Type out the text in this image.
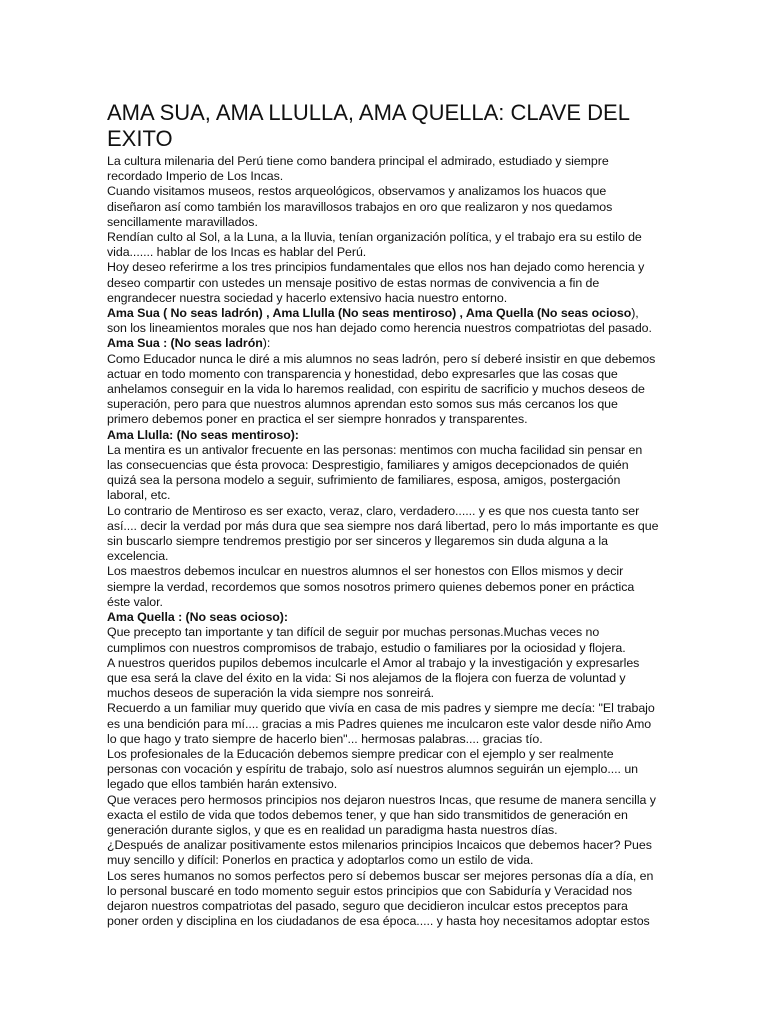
AMA SUA, AMA LLULLA, AMA QUELLA: CLAVE DEL EXITO

La cultura milenaria del Perú tiene como bandera principal el admirado, estudiado y siempre recordado Imperio de Los Incas.

Cuando visitamos museos, restos arqueológicos, observamos y analizamos los huacos que diseñaron así como también los maravillosos trabajos en oro que realizaron y nos quedamos sencillamente maravillados.

Rendían culto al Sol, a la Luna, a la lluvia, tenían organización política, y el trabajo era su estilo de vida....... hablar de los Incas es hablar del Perú.

Hoy deseo referirme a los tres principios fundamentales que ellos nos han dejado como herencia y deseo compartir con ustedes un mensaje positivo de estas normas de convivencia a fin de engrandecer nuestra sociedad y hacerlo extensivo hacia nuestro entorno.

Ama Sua ( No seas ladrón) , Ama Llulla (No seas mentiroso) , Ama Quella (No seas ocioso), son los lineamientos morales que nos han dejado como herencia nuestros compatriotas del pasado.

Ama Sua : (No seas ladrón):

Como Educador nunca le diré a mis alumnos no seas ladrón, pero sí deberé insistir en que debemos actuar en todo momento con transparencia y honestidad, debo expresarles que las cosas que anhelamos conseguir en la vida lo haremos realidad, con espiritu de sacrificio y muchos deseos de superación, pero para que nuestros alumnos aprendan esto somos sus más cercanos los que primero debemos poner en practica el ser siempre honrados y transparentes.

Ama Llulla: (No seas mentiroso):

La mentira es un antivalor frecuente en las personas: mentimos con mucha facilidad sin pensar en las consecuencias que ésta provoca: Desprestigio, familiares y amigos decepcionados de quién quizá sea la persona modelo a seguir, sufrimiento de familiares, esposa, amigos, postergación laboral, etc.

Lo contrario de Mentiroso es ser exacto, veraz, claro, verdadero...... y es que nos cuesta tanto ser así.... decir la verdad por más dura que sea siempre nos dará libertad, pero lo más importante es que sin buscarlo siempre tendremos prestigio por ser sinceros y llegaremos sin duda alguna a la excelencia.

Los maestros debemos inculcar en nuestros alumnos el ser honestos con Ellos mismos y decir siempre la verdad, recordemos que somos nosotros primero quienes debemos poner en práctica éste valor.

Ama Quella : (No seas ocioso):

Que precepto tan importante y tan difícil de seguir por muchas personas.Muchas veces no cumplimos con nuestros compromisos de trabajo, estudio o familiares por la ociosidad y flojera.

A nuestros queridos pupilos debemos inculcarle el Amor al trabajo y la investigación y expresarles que esa será la clave del éxito en la vida: Si nos alejamos de la flojera con fuerza de voluntad y muchos deseos de superación la vida siempre nos sonreirá.

Recuerdo a un familiar muy querido que vivía en casa de mis padres y siempre me decía: "El trabajo es una bendición para mí.... gracias a mis Padres quienes me inculcaron este valor desde niño Amo lo que hago y trato siempre de hacerlo bien"... hermosas palabras.... gracias tío.

Los profesionales de la Educación debemos siempre predicar con el ejemplo y ser realmente personas con vocación y espíritu de trabajo, solo así nuestros alumnos seguirán un ejemplo.... un legado que ellos también harán extensivo.

Que veraces pero hermosos principios nos dejaron nuestros Incas, que resume de manera sencilla y exacta el estilo de vida que todos debemos tener, y que han sido transmitidos de generación en generación durante siglos, y que es en realidad un paradigma hasta nuestros días.

¿Después de analizar positivamente estos milenarios principios Incaicos que debemos hacer? Pues muy sencillo y difícil: Ponerlos en practica y adoptarlos como un estilo de vida.

Los seres humanos no somos perfectos pero sí debemos buscar ser mejores personas día a día, en lo personal buscaré en todo momento seguir estos principios que con Sabiduría y Veracidad nos dejaron nuestros compatriotas del pasado, seguro que decidieron inculcar estos preceptos para poner orden y disciplina en los ciudadanos de esa época..... y hasta hoy necesitamos adoptar estos
